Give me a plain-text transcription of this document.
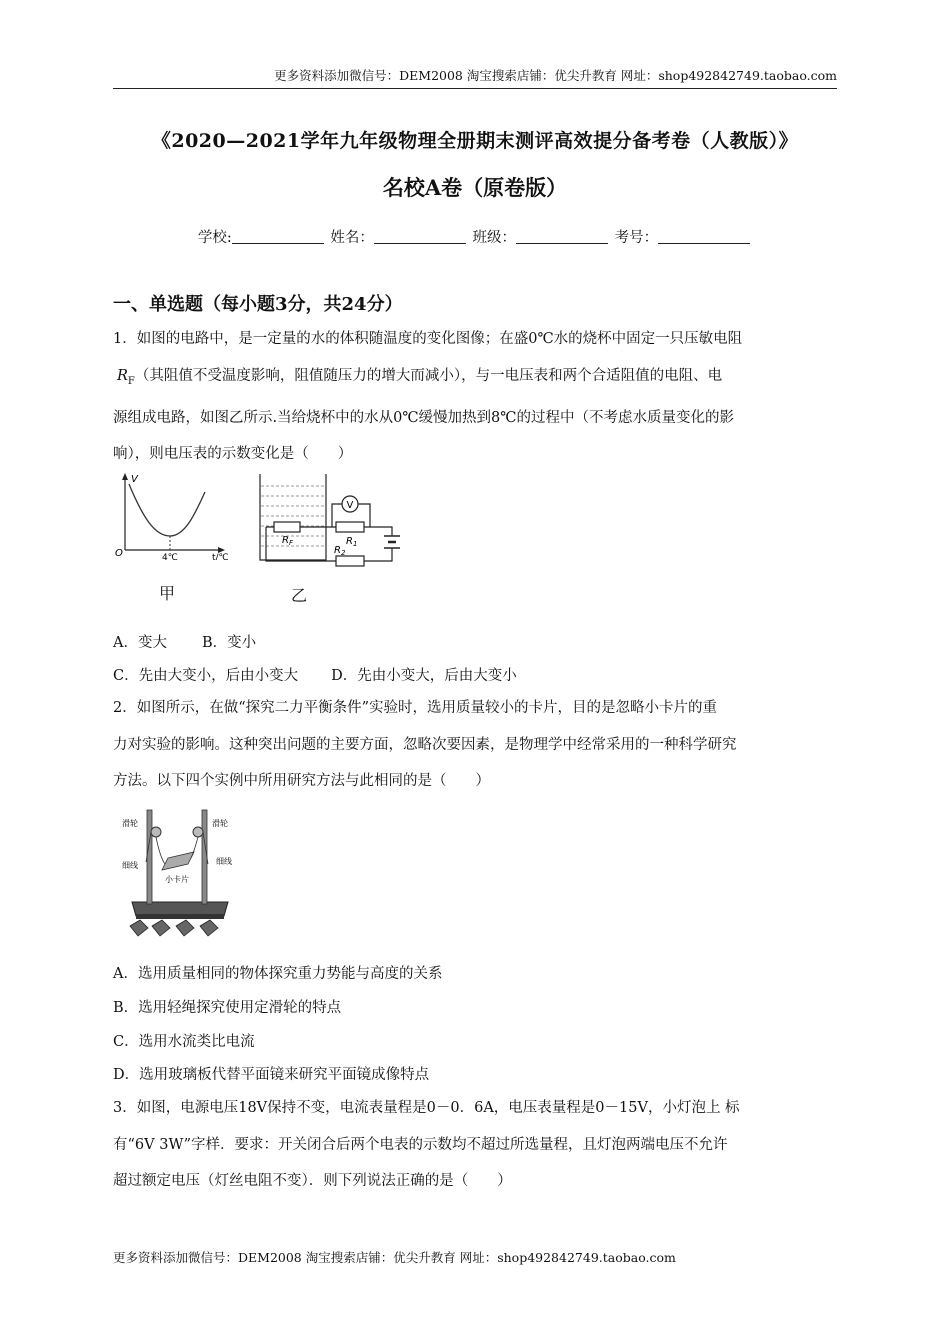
更多资料添加微信号：DEM2008 淘宝搜索店铺：优尖升教育 网址：shop492842749.taobao.com
《2020—2021学年九年级物理全册期末测评高效提分备考卷（人教版）》
名校A卷（原卷版）
学校:	姓名：	班级：	考号：
一、单选题（每小题3分，共24分）
1．如图的电路中，是一定量的水的体积随温度的变化图像；在盛0℃水的烧杯中固定一只压敏电阻
$R_F$（其阻值不受温度影响，阻值随压力的增大而减小），与一电压表和两个合适阻值的电阻、电
源组成电路，如图乙所示.当给烧杯中的水从0℃缓慢加热到8℃的过程中（不考虑水质量变化的影
响），则电压表的示数变化是（　　）
V
O	4℃	t/℃
V
$R_F$	$R_1$
$R_2$
甲	乙
A．变大 B．变小
C．先由大变小，后由小变大 D．先由小变大，后由大变小
2．如图所示，在做“探究二力平衡条件”实验时，选用质量较小的卡片，目的是忽略小卡片的重
力对实验的影响。这种突出问题的主要方面，忽略次要因素，是物理学中经常采用的一种科学研究
方法。以下四个实例中所用研究方法与此相同的是（　　）
滑轮	滑轮
细线	细线
小卡片
A．选用质量相同的物体探究重力势能与高度的关系
B．选用轻绳探究使用定滑轮的特点
C．选用水流类比电流
D．选用玻璃板代替平面镜来研究平面镜成像特点
3．如图，电源电压18V保持不变，电流表量程是0－0．6A，电压表量程是0－15V，小灯泡上 标
有“6V 3W”字样．要求：开关闭合后两个电表的示数均不超过所选量程，且灯泡两端电压不允许
超过额定电压（灯丝电阻不变）．则下列说法正确的是（　　）
更多资料添加微信号：DEM2008 淘宝搜索店铺：优尖升教育 网址：shop492842749.taobao.com
